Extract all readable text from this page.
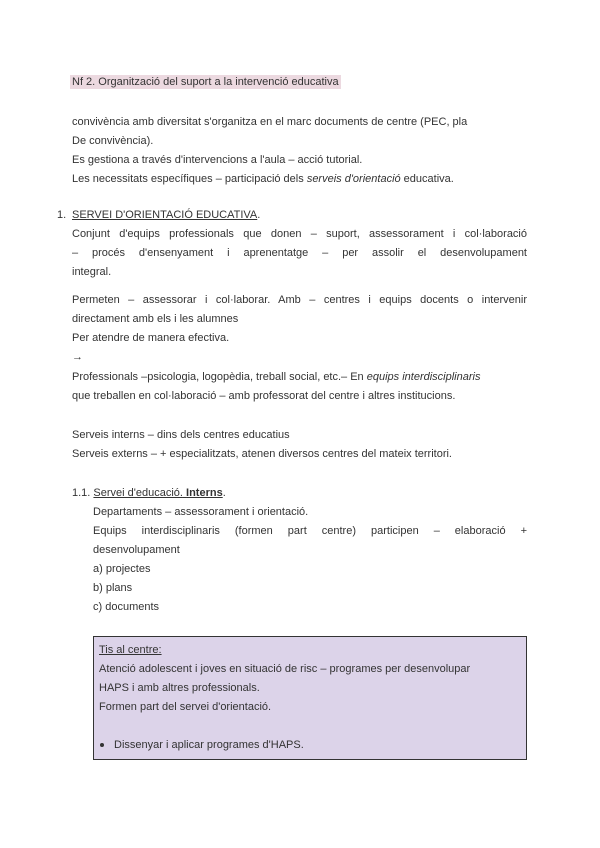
Nf 2. Organització del suport a la intervenció educativa
convivència amb diversitat s'organitza en el marc documents de centre (PEC, pla
De convivència).
Es gestiona a través d'intervencions a l'aula – acció tutorial.
Les necessitats específiques – participació dels serveis d'orientació educativa.
1. SERVEI D'ORIENTACIÓ EDUCATIVA.
Conjunt d'equips professionals que donen – suport, assessorament i col·laboració
– procés d'ensenyament i aprenentatge – per assolir el desenvolupament
integral.
Permeten – assessorar i col·laborar. Amb – centres i equips docents o intervenir
directament amb els i les alumnes
Per atendre de manera efectiva.
→
Professionals –psicologia, logopèdia, treball social, etc.– En equips interdisciplinaris
que treballen en col·laboració – amb professorat del centre i altres institucions.
Serveis interns – dins dels centres educatius
Serveis externs – + especialitzats, atenen diversos centres del mateix territori.
1.1. Servei d'educació. Interns.
Departaments – assessorament i orientació.
Equips interdisciplinaris (formen part centre) participen – elaboració +
desenvolupament
a) projectes
b) plans
c) documents
Tis al centre:
Atenció adolescent i joves en situació de risc – programes per desenvolupar
HAPS i amb altres professionals.
Formen part del servei d'orientació.
Dissenyar i aplicar programes d'HAPS.
